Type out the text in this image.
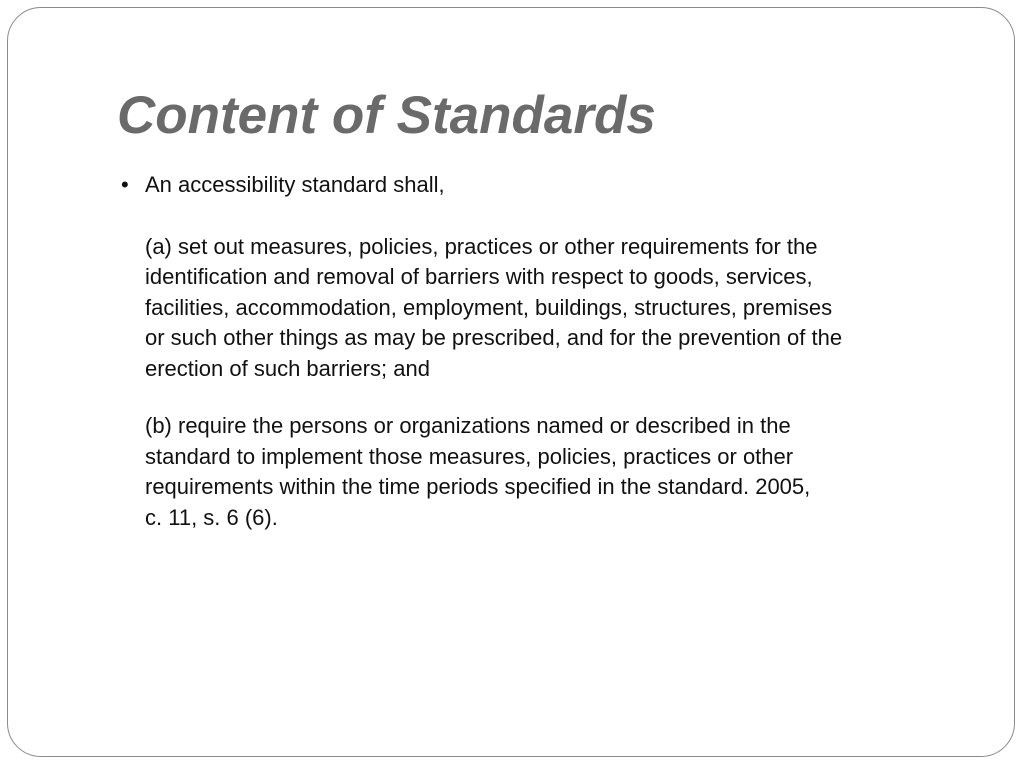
Content of Standards
• An accessibility standard shall,

(a) set out measures, policies, practices or other requirements for the
identification and removal of barriers with respect to goods, services,
facilities, accommodation, employment, buildings, structures, premises
or such other things as may be prescribed, and for the prevention of the
erection of such barriers; and

(b) require the persons or organizations named or described in the
standard to implement those measures, policies, practices or other
requirements within the time periods specified in the standard. 2005,
c. 11, s. 6 (6).
